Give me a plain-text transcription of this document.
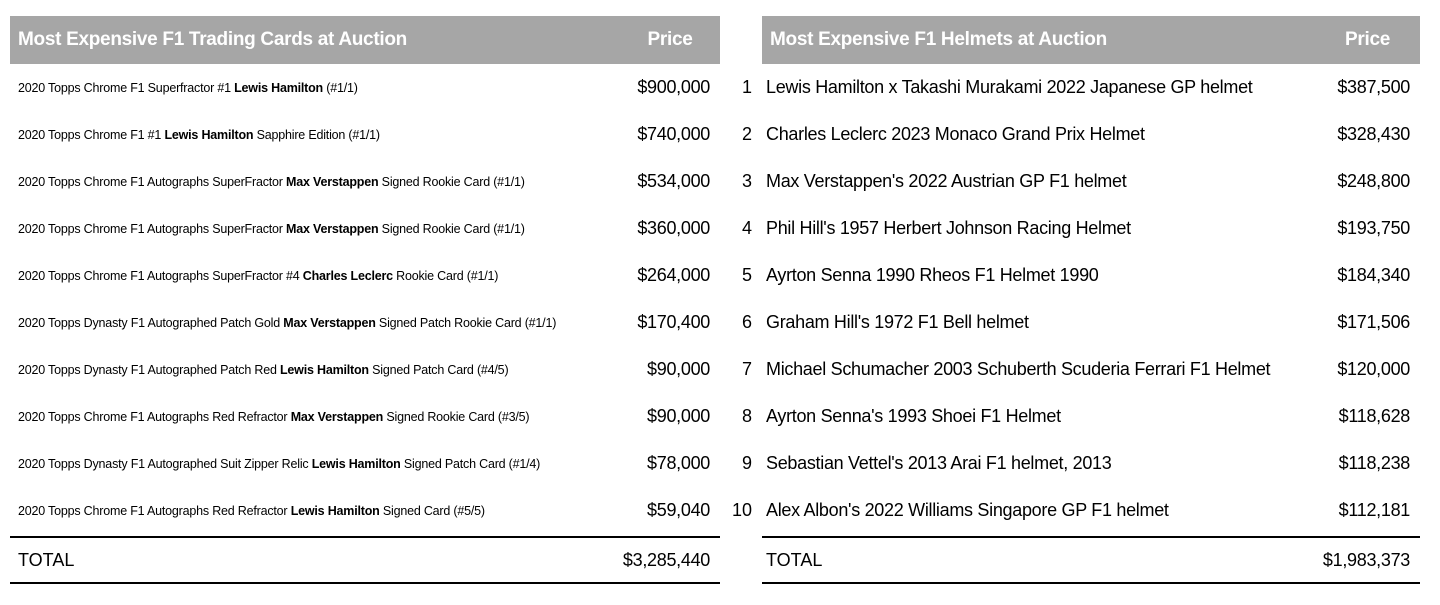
Most Expensive F1 Trading Cards at Auction	Price
2020 Topps Chrome F1 Superfractor #1 Lewis Hamilton (#1/1)	$900,000
2020 Topps Chrome F1 #1 Lewis Hamilton Sapphire Edition (#1/1)	$740,000
2020 Topps Chrome F1 Autographs SuperFractor Max Verstappen Signed Rookie Card (#1/1)	$534,000
2020 Topps Chrome F1 Autographs SuperFractor Max Verstappen Signed Rookie Card (#1/1)	$360,000
2020 Topps Chrome F1 Autographs SuperFractor #4 Charles Leclerc Rookie Card (#1/1)	$264,000
2020 Topps Dynasty F1 Autographed Patch Gold Max Verstappen Signed Patch Rookie Card (#1/1)	$170,400
2020 Topps Dynasty F1 Autographed Patch Red Lewis Hamilton Signed Patch Card (#4/5)	$90,000
2020 Topps Chrome F1 Autographs Red Refractor Max Verstappen Signed Rookie Card (#3/5)	$90,000
2020 Topps Dynasty F1 Autographed Suit Zipper Relic Lewis Hamilton Signed Patch Card (#1/4)	$78,000
2020 Topps Chrome F1 Autographs Red Refractor Lewis Hamilton Signed Card (#5/5)	$59,040
TOTAL	$3,285,440
Most Expensive F1 Helmets at Auction	Price
1 Lewis Hamilton x Takashi Murakami 2022 Japanese GP helmet	$387,500
2 Charles Leclerc 2023 Monaco Grand Prix Helmet	$328,430
3 Max Verstappen's 2022 Austrian GP F1 helmet	$248,800
4 Phil Hill's 1957 Herbert Johnson Racing Helmet	$193,750
5 Ayrton Senna 1990 Rheos F1 Helmet 1990	$184,340
6 Graham Hill's 1972 F1 Bell helmet	$171,506
7 Michael Schumacher 2003 Schuberth Scuderia Ferrari F1 Helmet	$120,000
8 Ayrton Senna's 1993 Shoei F1 Helmet	$118,628
9 Sebastian Vettel's 2013 Arai F1 helmet, 2013	$118,238
10 Alex Albon's 2022 Williams Singapore GP F1 helmet	$112,181
TOTAL	$1,983,373
